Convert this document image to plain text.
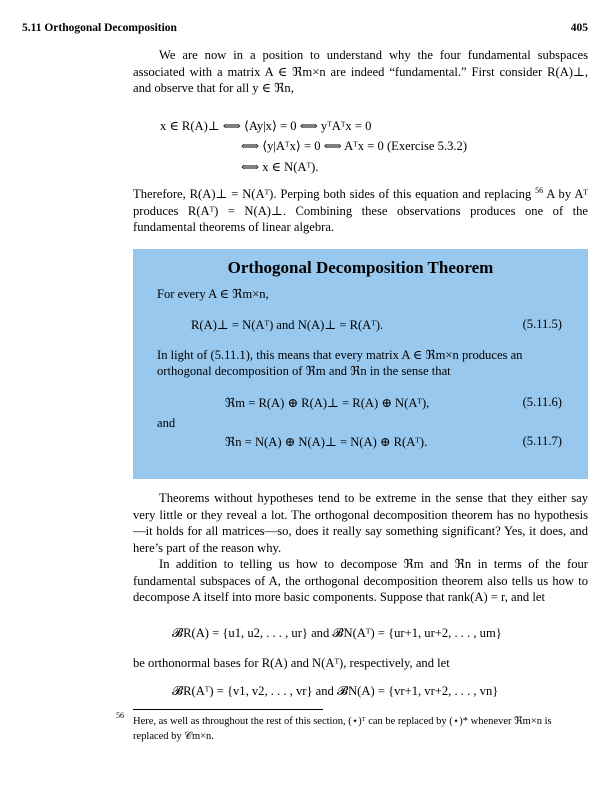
5.11 Orthogonal Decomposition	405
We are now in a position to understand why the four fundamental subspaces associated with a matrix A ∈ ℜm×n are indeed “fundamental.” First consider R(A)⊥, and observe that for all y ∈ ℜn,
x ∈ R(A)⊥ ⟺ ⟨Ay|x⟩ = 0 ⟺ yᵀAᵀx = 0
⟺ ⟨y|Aᵀx⟩ = 0 ⟺ Aᵀx = 0 (Exercise 5.3.2)
⟺ x ∈ N(Aᵀ).
Therefore, R(A)⊥ = N(Aᵀ). Perping both sides of this equation and replacing $^{56}$ A by Aᵀ produces R(Aᵀ) = N(A)⊥. Combining these observations produces one of the fundamental theorems of linear algebra.
Orthogonal Decomposition Theorem
For every A ∈ ℜm×n,
R(A)⊥ = N(Aᵀ) and N(A)⊥ = R(Aᵀ).	(5.11.5)
In light of (5.11.1), this means that every matrix A ∈ ℜm×n produces an orthogonal decomposition of ℜm and ℜn in the sense that
ℜm = R(A) ⊕ R(A)⊥ = R(A) ⊕ N(Aᵀ),	(5.11.6)
and
ℜn = N(A) ⊕ N(A)⊥ = N(A) ⊕ R(Aᵀ).	(5.11.7)
Theorems without hypotheses tend to be extreme in the sense that they either say very little or they reveal a lot. The orthogonal decomposition theorem has no hypothesis—it holds for all matrices—so, does it really say something significant? Yes, it does, and here’s part of the reason why.
In addition to telling us how to decompose ℜm and ℜn in terms of the four fundamental subspaces of A, the orthogonal decomposition theorem also tells us how to decompose A itself into more basic components. Suppose that rank(A) = r, and let
𝓑R(A) = {u1, u2, . . . , ur} and 𝓑N(Aᵀ) = {ur+1, ur+2, . . . , um}
be orthonormal bases for R(A) and N(Aᵀ), respectively, and let
𝓑R(Aᵀ) = {v1, v2, . . . , vr} and 𝓑N(A) = {vr+1, vr+2, . . . , vn}
56
Here, as well as throughout the rest of this section, (⋆)ᵀ can be replaced by (⋆)* whenever ℜm×n is replaced by 𝒞m×n.
